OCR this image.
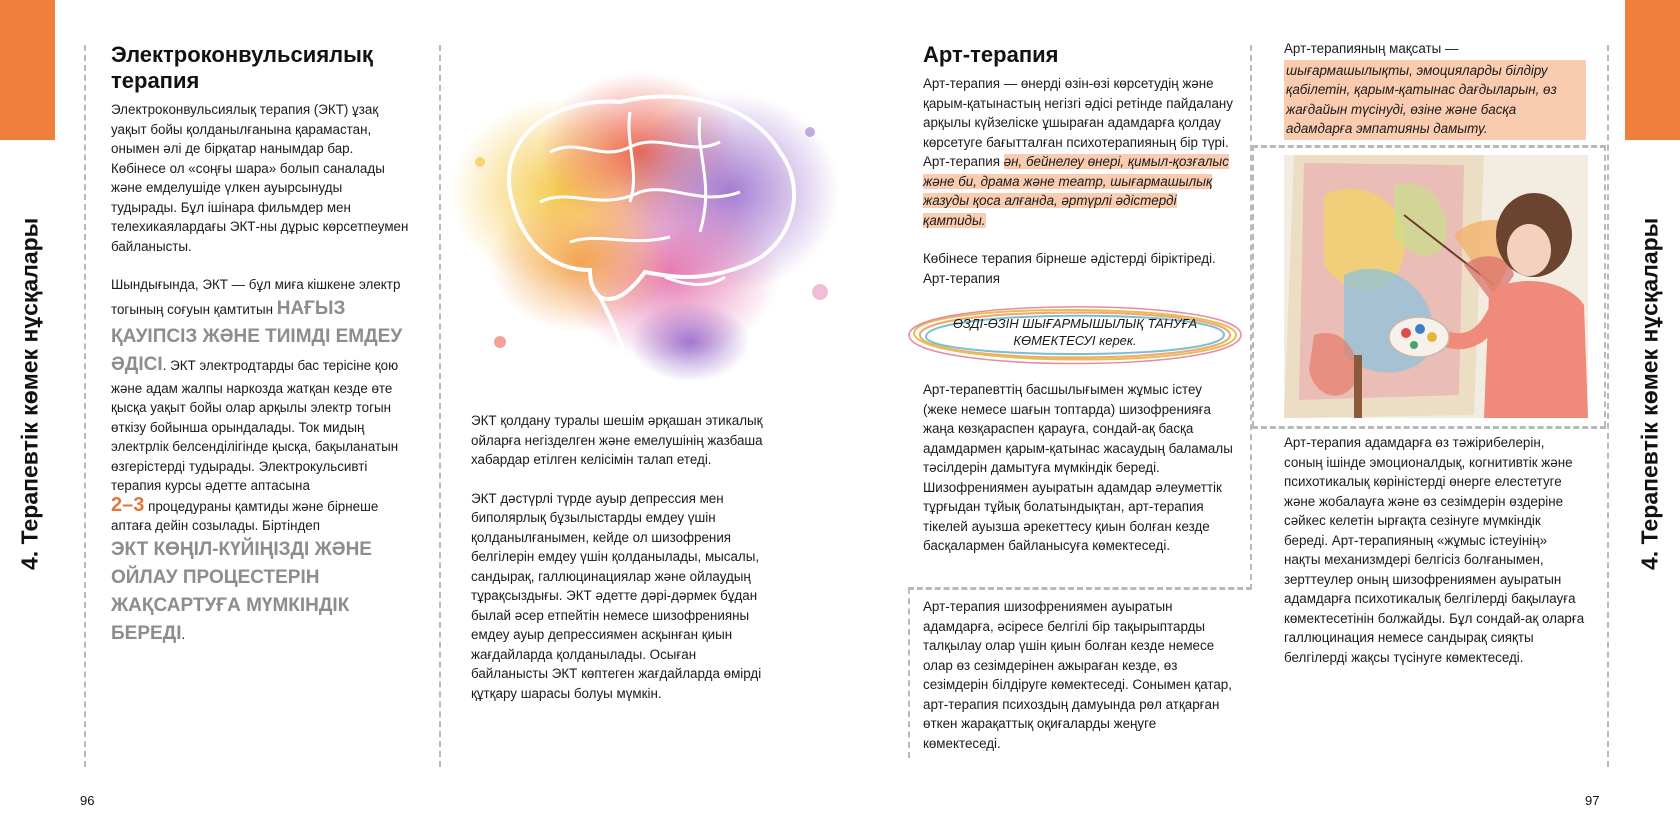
4. Терапевтік көмек нұсқалары	4. Терапевтік көмек нұсқалары
Электроконвульсиялық терапия

Электроконвульсиялық терапия (ЭКТ) ұзақ уақыт бойы қолданылғанына қарамастан, онымен әлі де бірқатар нанымдар бар. Көбінесе ол «соңғы шара» болып саналады және емделушіде үлкен ауырсынуды тудырады. Бұл ішінара фильмдер мен телехикаялардағы ЭКТ-ны дұрыс көрсетпеумен байланысты.

Шындығында, ЭКТ — бұл миға кішкене электр тогының соғуын қамтитын НАҒЫЗ ҚАУІПСІЗ ЖӘНЕ ТИІМДІ ЕМДЕУ ӘДІСІ. ЭКТ электродтарды бас терісіне қою және адам жалпы наркозда жатқан кезде өте қысқа уақыт бойы олар арқылы электр тогын өткізу бойынша орындалады. Ток мидың электрлік белсенділігінде қысқа, бақыланатын өзгерістерді тудырады. Электрокульсивті терапия курсы әдетте аптасына
2–3 процедураны қамтиды және бірнеше аптаға дейін созылады. Біртіндеп
ЭКТ КӨҢІЛ-КҮЙІҢІЗДІ ЖӘНЕ ОЙЛАУ ПРОЦЕСТЕРІН ЖАҚСАРТУҒА МҮМКІНДІК БЕРЕДІ.

ЭКТ қолдану туралы шешім әрқашан этикалық ойларға негізделген және емелушінің жазбаша хабардар етілген келісімін талап етеді.

ЭКТ дәстүрлі түрде ауыр депрессия мен биполярлық бұзылыстарды емдеу үшін қолданылғанымен, кейде ол шизофрения белгілерін емдеу үшін қолданылады, мысалы, сандырақ, галлюцинациялар және ойлаудың тұрақсыздығы. ЭКТ әдетте дәрі-дәрмек бұдан былай әсер етпейтін немесе шизофренияны емдеу ауыр депрессиямен асқынған қиын жағдайларда қолданылады. Осыған байланысты ЭКТ көптеген жағдайларда өмірді құтқару шарасы болуы мүмкін.

Арт-терапия

Арт-терапия — өнерді өзін-өзі көрсетудің және қарым-қатынастың негізгі әдісі ретінде пайдалану арқылы күйзеліске ұшыраған адамдарға қолдау көрсетуге бағытталған психотерапияның бір түрі. Арт-терапия ән, бейнелеу өнері, қимыл-қозғалыс және би, драма және театр, шығармашылық жазуды қоса алғанда, әртүрлі әдістерді қамтиды.

Көбінесе терапия бірнеше әдістерді біріктіреді. Арт-терапия

ӨЗДІ-ӨЗІН ШЫҒАРМЫШЫЛЫҚ ТАНУҒА КӨМЕКТЕСУІ керек.

Арт-терапевттің басшылығымен жұмыс істеу (жеке немесе шағын топтарда) шизофренияға жаңа көзқараспен қарауға, сондай-ақ басқа адамдармен қарым-қатынас жасаудың баламалы тәсілдерін дамытуға мүмкіндік береді. Шизофрениямен ауыратын адамдар әлеуметтік тұрғыдан тұйық болатындықтан, арт-терапия тікелей ауызша әрекеттесу қиын болған кезде басқалармен байланысуға көмектеседі.

Арт-терапия шизофрениямен ауыратын адамдарға, әсіресе белгілі бір тақырыптарды талқылау олар үшін қиын болған кезде немесе олар өз сезімдерінен ажыраған кезде, өз сезімдерін білдіруге көмектеседі. Сонымен қатар, арт-терапия психоздың дамуында рөл атқарған өткен жарақаттық оқиғаларды жеңуге көмектеседі.

Арт-терапияның мақсаты —
шығармашылықты, эмоцияларды білдіру қабілетін, қарым-қатынас дағдыларын, өз жағдайын түсінуді, өзіне және басқа адамдарға эмпатияны дамыту.

Арт-терапия адамдарға өз тәжірибелерін, соның ішінде эмоционалдық, когнитивтік және психотикалық көріністерді өнерге елестетуге және жобалауға және өз сезімдерін өздеріне сәйкес келетін ырғақта сезінуге мүмкіндік береді. Арт-терапияның «жұмыс істеуінің» нақты механизмдері белгісіз болғанымен, зерттеулер оның шизофрениямен ауыратын адамдарға психотикалық белгілерді бақылауға көмектесетінін болжайды. Бұл сондай-ақ оларға галлюцинация немесе сандырақ сияқты белгілерді жақсы түсінуге көмектеседі.

96	97
